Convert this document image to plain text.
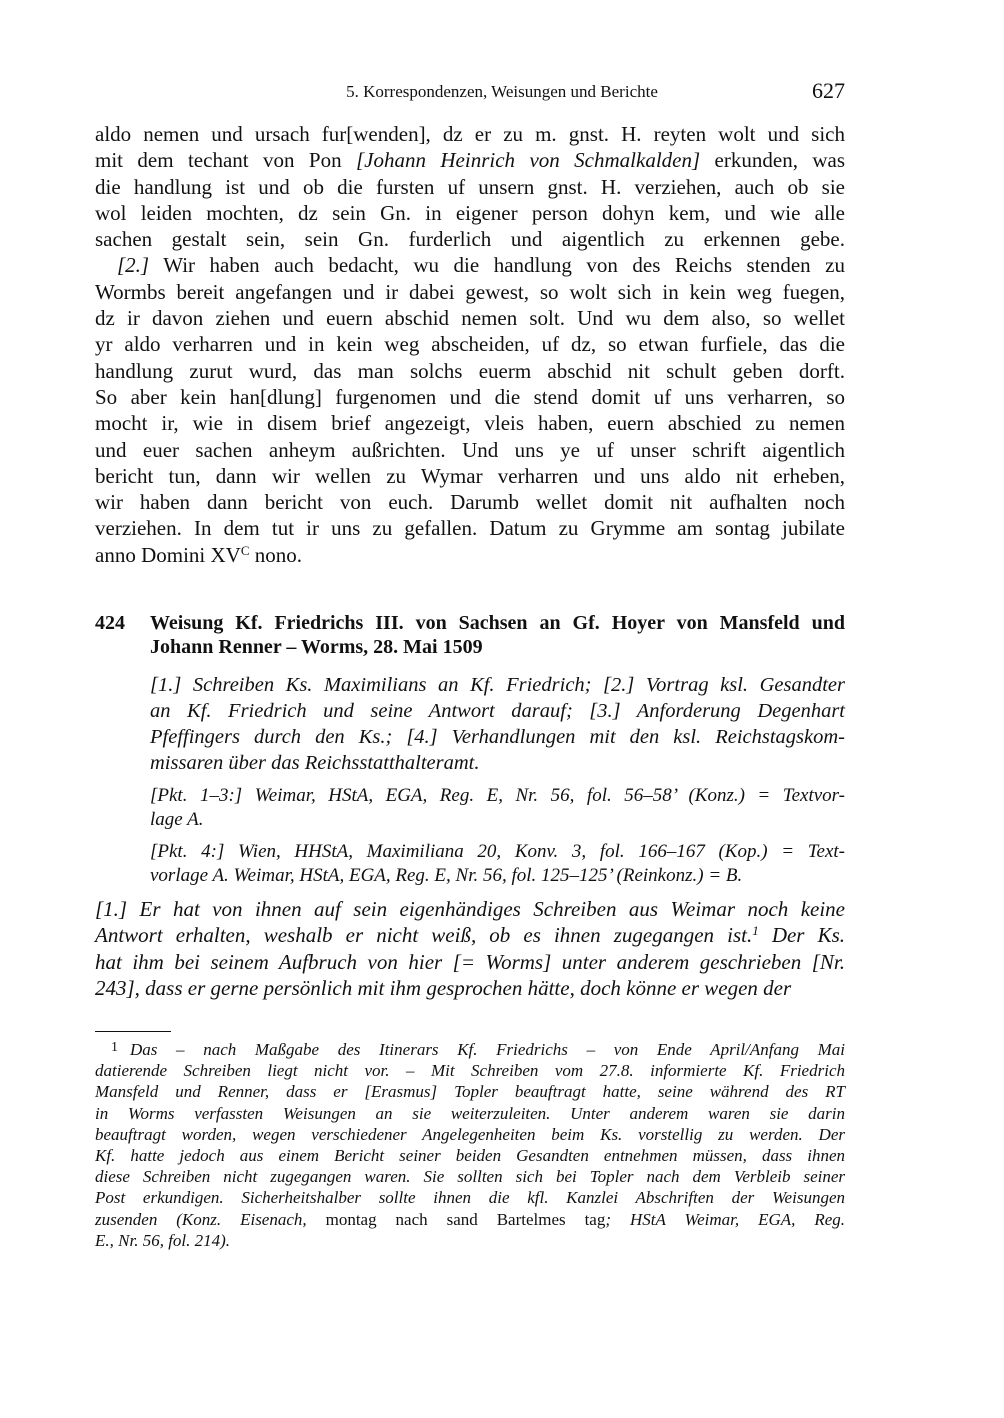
5. Korrespondenzen, Weisungen und Berichte	627
aldo nemen und ursach fur[wenden], dz er zu m. gnst. H. reyten wolt und sich
mit dem techant von Pon [Johann Heinrich von Schmalkalden] erkunden, was
die handlung ist und ob die fursten uf unsern gnst. H. verziehen, auch ob sie
wol leiden mochten, dz sein Gn. in eigener person dohyn kem, und wie alle
sachen gestalt sein, sein Gn. furderlich und aigentlich zu erkennen gebe.
[2.] Wir haben auch bedacht, wu die handlung von des Reichs stenden zu
Wormbs bereit angefangen und ir dabei gewest, so wolt sich in kein weg fuegen,
dz ir davon ziehen und euern abschid nemen solt. Und wu dem also, so wellet
yr aldo verharren und in kein weg abscheiden, uf dz, so etwan furfiele, das die
handlung zurut wurd, das man solchs euerm abschid nit schult geben dorft.
So aber kein han[dlung] furgenomen und die stend domit uf uns verharren, so
mocht ir, wie in disem brief angezeigt, vleis haben, euern abschied zu nemen
und euer sachen anheym außrichten. Und uns ye uf unser schrift aigentlich
bericht tun, dann wir wellen zu Wymar verharren und uns aldo nit erheben,
wir haben dann bericht von euch. Darumb wellet domit nit aufhalten noch
verziehen. In dem tut ir uns zu gefallen. Datum zu Grymme am sontag jubilate
anno Domini $XV^C$ nono.
424 Weisung Kf. Friedrichs III. von Sachsen an Gf. Hoyer von Mansfeld und
Johann Renner – Worms, 28. Mai 1509
[1.] Schreiben Ks. Maximilians an Kf. Friedrich; [2.] Vortrag ksl. Gesandter
an Kf. Friedrich und seine Antwort darauf; [3.] Anforderung Degenhart
Pfeffingers durch den Ks.; [4.] Verhandlungen mit den ksl. Reichstagskom-
missaren über das Reichsstatthalteramt.
[Pkt. 1–3:] Weimar, HStA, EGA, Reg. E, Nr. 56, fol. 56–58’ (Konz.) = Textvor-
lage A.
[Pkt. 4:] Wien, HHStA, Maximiliana 20, Konv. 3, fol. 166–167 (Kop.) = Text-
vorlage A. Weimar, HStA, EGA, Reg. E, Nr. 56, fol. 125–125’ (Reinkonz.) = B.
[1.] Er hat von ihnen auf sein eigenhändiges Schreiben aus Weimar noch keine
Antwort erhalten, weshalb er nicht weiß, ob es ihnen zugegangen ist.$^1$ Der Ks.
hat ihm bei seinem Aufbruch von hier [= Worms] unter anderem geschrieben [Nr.
243], dass er gerne persönlich mit ihm gesprochen hätte, doch könne er wegen der
$^1$ Das – nach Maßgabe des Itinerars Kf. Friedrichs – von Ende April/Anfang Mai
datierende Schreiben liegt nicht vor. – Mit Schreiben vom 27.8. informierte Kf. Friedrich
Mansfeld und Renner, dass er [Erasmus] Topler beauftragt hatte, seine während des RT
in Worms verfassten Weisungen an sie weiterzuleiten. Unter anderem waren sie darin
beauftragt worden, wegen verschiedener Angelegenheiten beim Ks. vorstellig zu werden. Der
Kf. hatte jedoch aus einem Bericht seiner beiden Gesandten entnehmen müssen, dass ihnen
diese Schreiben nicht zugegangen waren. Sie sollten sich bei Topler nach dem Verbleib seiner
Post erkundigen. Sicherheitshalber sollte ihnen die kfl. Kanzlei Abschriften der Weisungen
zusenden (Konz. Eisenach, montag nach sand Bartelmes tag; HStA Weimar, EGA, Reg.
E., Nr. 56, fol. 214).
